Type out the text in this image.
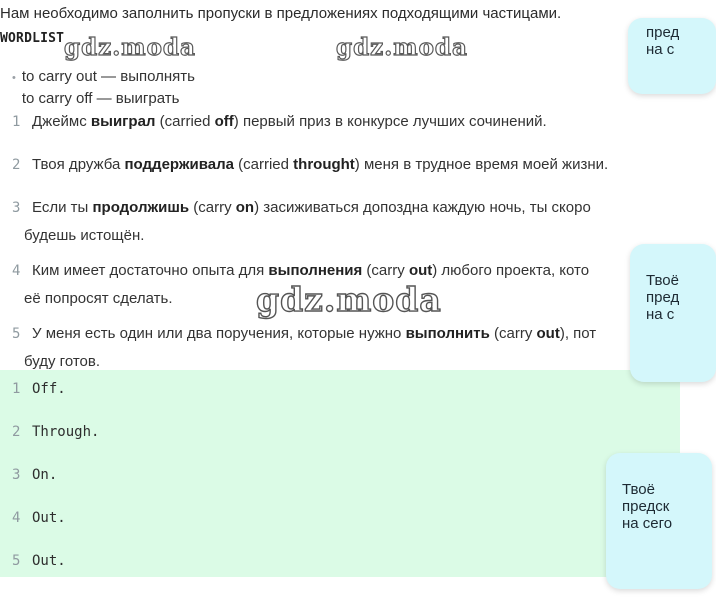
Нам необходимо заполнить пропуски в предложениях подходящими частицами.
WORDLIST gdz.moda	gdz.moda
• to carry out — выполнять
to carry off — выиграть
1 Джеймс выиграл (carried off) первый приз в конкурсе лучших сочинений.
2 Твоя дружба поддерживала (carried throught) меня в трудное время моей жизни.
3 Если ты продолжишь (carry on) засиживаться допоздна каждую ночь, ты скоро
будешь истощён.
4 Ким имеет достаточно опыта для выполнения (carry out) любого проекта, кото
её попросят сделать.
5 У меня есть один или два поручения, которые нужно выполнить (carry out), пот
буду готов.
gdz.moda
1 Off.
2 Through.
3 On.
4 Out.
5 Out.
пред
на с
Твоё
пред
на с
Твоё
предск
на сего
